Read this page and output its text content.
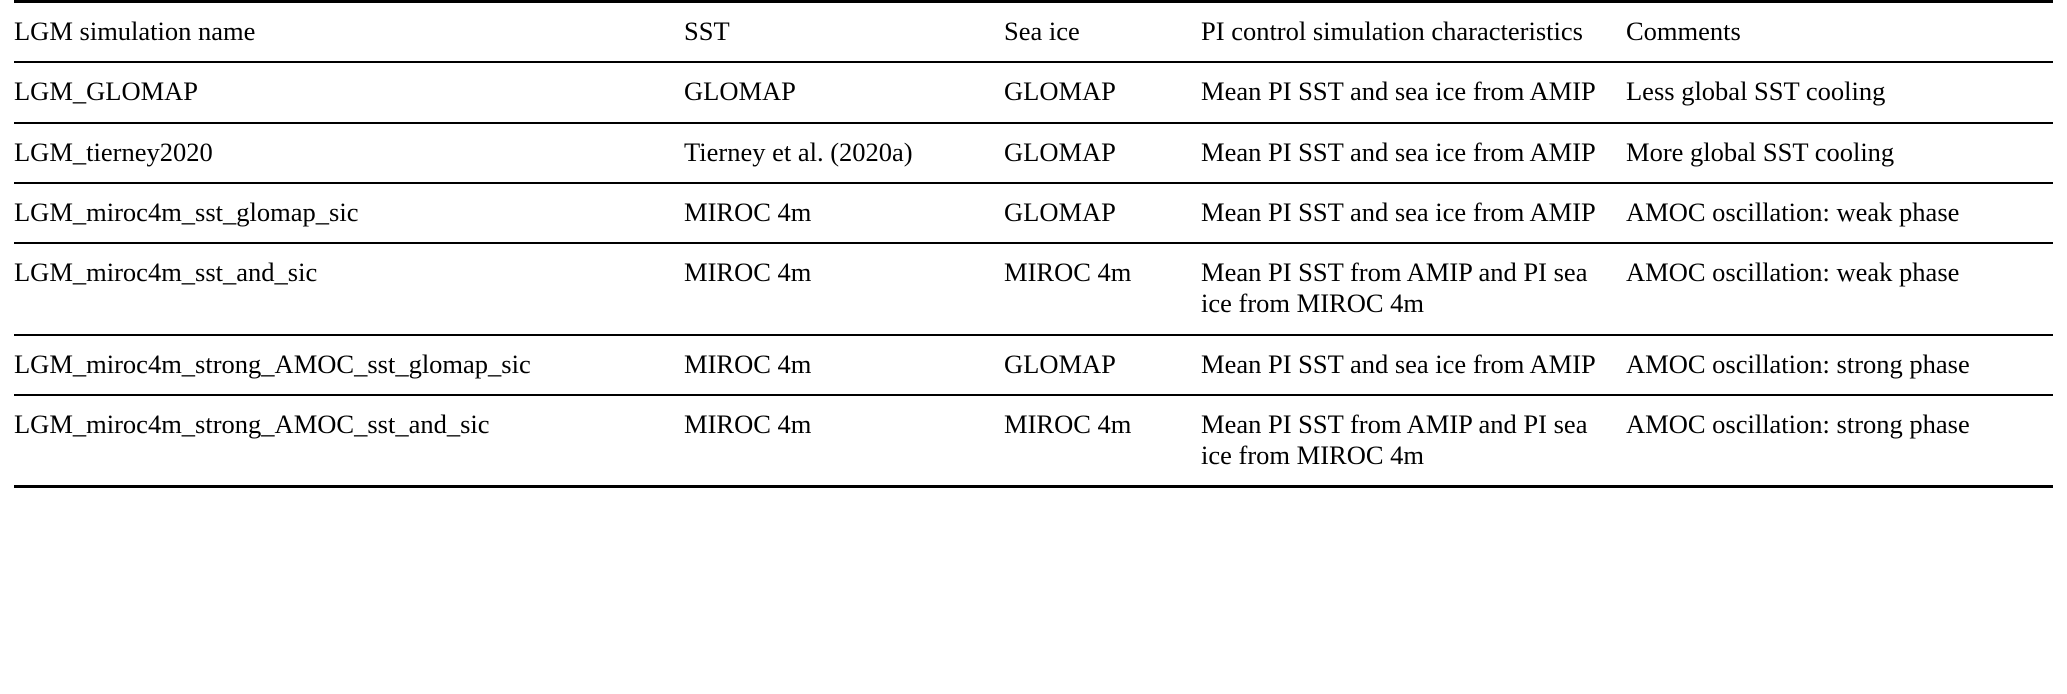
LGM simulation name	SST	Sea ice	PI control simulation characteristics	Comments
LGM_GLOMAP	GLOMAP	GLOMAP	Mean PI SST and sea ice from AMIP	Less global SST cooling
LGM_tierney2020	Tierney et al. (2020a)	GLOMAP	Mean PI SST and sea ice from AMIP	More global SST cooling
LGM_miroc4m_sst_glomap_sic	MIROC 4m	GLOMAP	Mean PI SST and sea ice from AMIP	AMOC oscillation: weak phase
LGM_miroc4m_sst_and_sic	MIROC 4m	MIROC 4m	Mean PI SST from AMIP and PI sea ice from MIROC 4m	AMOC oscillation: weak phase
LGM_miroc4m_strong_AMOC_sst_glomap_sic	MIROC 4m	GLOMAP	Mean PI SST and sea ice from AMIP	AMOC oscillation: strong phase
LGM_miroc4m_strong_AMOC_sst_and_sic	MIROC 4m	MIROC 4m	Mean PI SST from AMIP and PI sea ice from MIROC 4m	AMOC oscillation: strong phase
